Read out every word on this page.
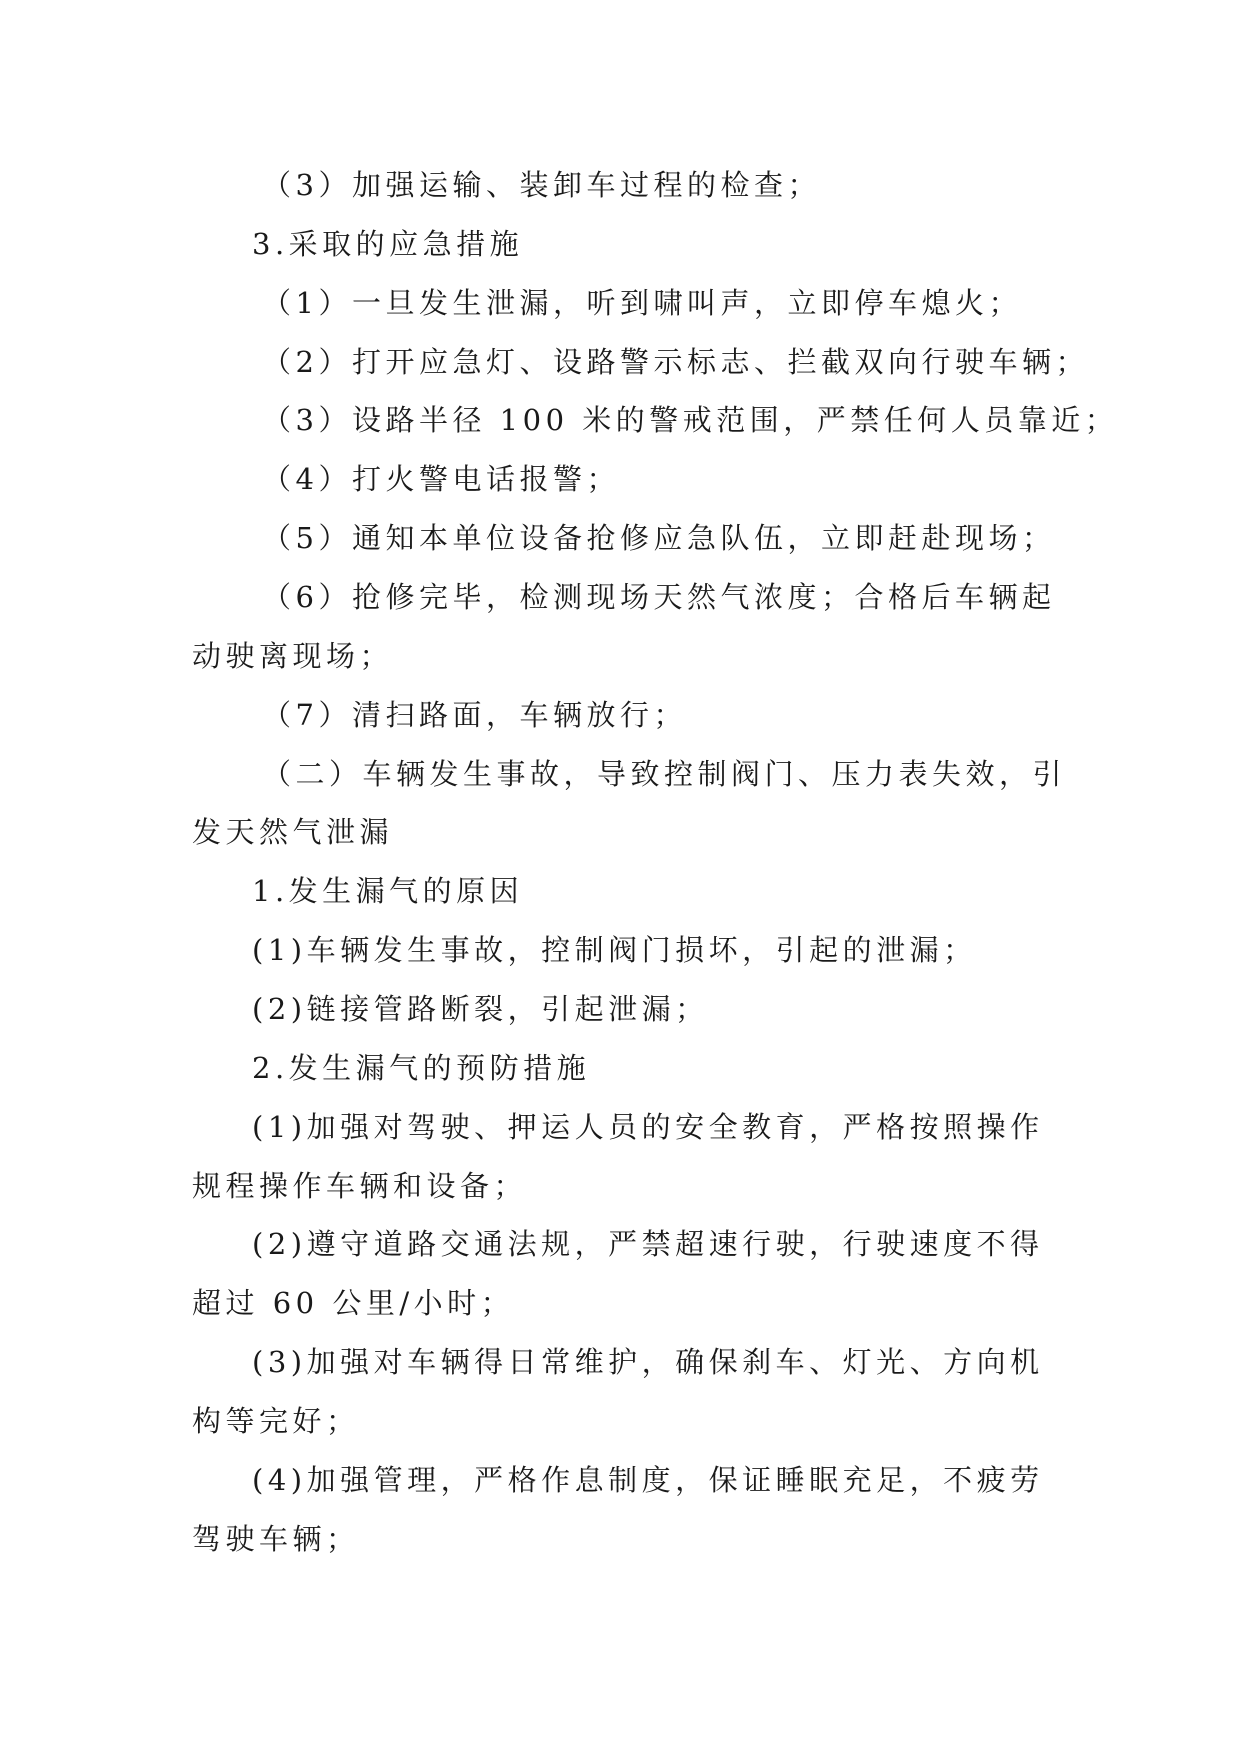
（3）加强运输、装卸车过程的检查；

3.采取的应急措施

（1）一旦发生泄漏，听到啸叫声，立即停车熄火；

（2）打开应急灯、设路警示标志、拦截双向行驶车辆；

（3）设路半径 100 米的警戒范围，严禁任何人员靠近；

（4）打火警电话报警；

（5）通知本单位设备抢修应急队伍，立即赶赴现场；

（6）抢修完毕，检测现场天然气浓度；合格后车辆起

动驶离现场；

（7）清扫路面，车辆放行；

（二）车辆发生事故，导致控制阀门、压力表失效，引

发天然气泄漏

1.发生漏气的原因

(1)车辆发生事故，控制阀门损坏，引起的泄漏；

(2)链接管路断裂，引起泄漏；

2.发生漏气的预防措施

(1)加强对驾驶、押运人员的安全教育，严格按照操作

规程操作车辆和设备；

(2)遵守道路交通法规，严禁超速行驶，行驶速度不得

超过 60 公里/小时；

(3)加强对车辆得日常维护，确保刹车、灯光、方向机

构等完好；

(4)加强管理，严格作息制度，保证睡眠充足，不疲劳

驾驶车辆；
